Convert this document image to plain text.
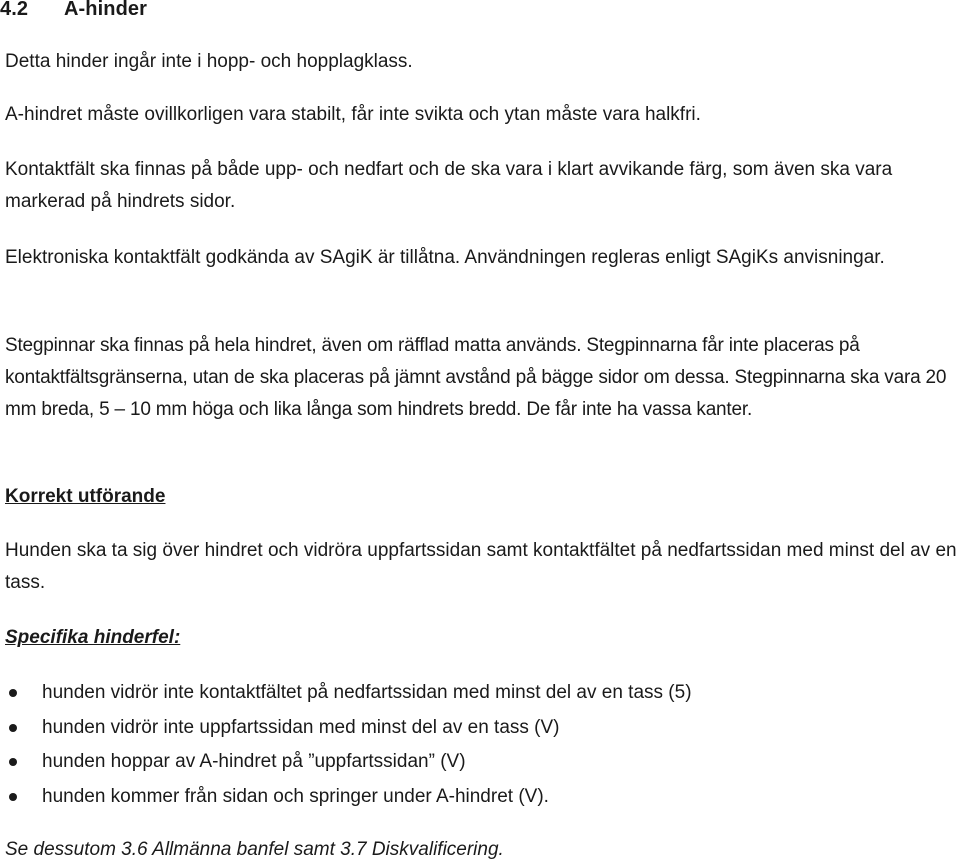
4.2 A-hinder

Detta hinder ingår inte i hopp- och hopplagklass.

A-hindret måste ovillkorligen vara stabilt, får inte svikta och ytan måste vara halkfri.

Kontaktfält ska finnas på både upp- och nedfart och de ska vara i klart avvikande färg, som även ska vara markerad på hindrets sidor.

Elektroniska kontaktfält godkända av SAgiK är tillåtna. Användningen regleras enligt SAgiKs anvisningar.

Stegpinnar ska finnas på hela hindret, även om räfflad matta används. Stegpinnarna får inte placeras på kontaktfältsgränserna, utan de ska placeras på jämnt avstånd på bägge sidor om dessa. Stegpinnarna ska vara 20 mm breda, 5 – 10 mm höga och lika långa som hindrets bredd. De får inte ha vassa kanter.

Korrekt utförande

Hunden ska ta sig över hindret och vidröra uppfartssidan samt kontaktfältet på nedfartssidan med minst del av en tass.

Specifika hinderfel:

hunden vidrör inte kontaktfältet på nedfartssidan med minst del av en tass (5)
hunden vidrör inte uppfartssidan med minst del av en tass (V)
hunden hoppar av A-hindret på ”uppfartssidan” (V)
hunden kommer från sidan och springer under A-hindret (V).

Se dessutom 3.6 Allmänna banfel samt 3.7 Diskvalificering.
